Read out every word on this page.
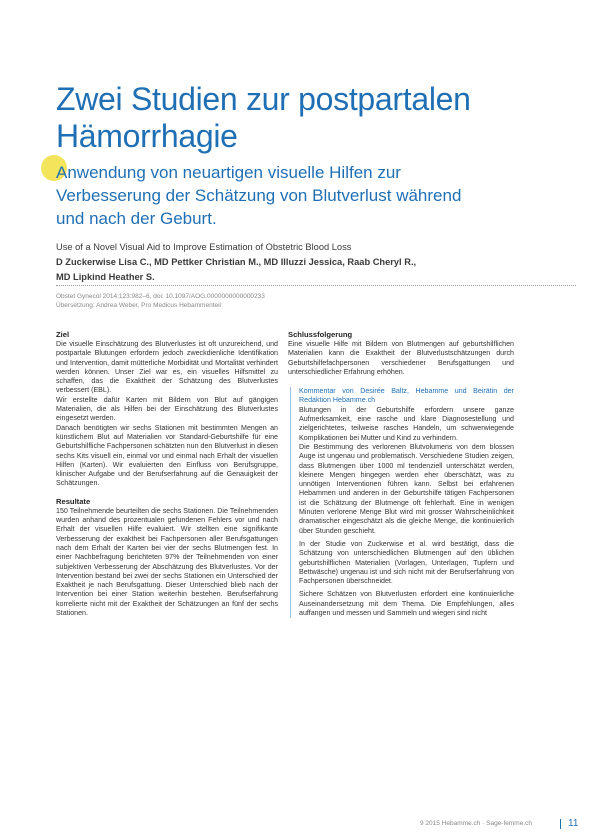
Zwei Studien zur postpartalen
Hämorrhagie
Anwendung von neuartigen visuelle Hilfen zur
Verbesserung der Schätzung von Blutverlust während
und nach der Geburt.
Use of a Novel Visual Aid to Improve Estimation of Obstetric Blood Loss
D Zuckerwise Lisa C., MD Pettker Christian M., MD Illuzzi Jessica, Raab Cheryl R.,
MD Lipkind Heather S.
Obstet Gynecol 2014;123:982–6, doi: 10.1097/AOG.0000000000000233
Übersetzung: Andrea Weber, Pro Medicus Hebammenteil
Ziel

Die visuelle Einschätzung des Blutverlustes ist oft unzureichend, und postpartale Blutungen erfordern jedoch zweckdienliche Identifikation und Intervention, damit mütterliche Morbidität und Mortalität verhindert werden können. Unser Ziel war es, ein visuelles Hilfsmittel zu schaffen, das die Exaktheit der Schätzung des Blutverlustes verbessert (EBL).

Wir erstellte dafür Karten mit Bildern von Blut auf gängigen Materialien, die als Hilfen bei der Einschätzung des Blutverlustes eingesetzt werden.

Danach benötigten wir sechs Stationen mit bestimmten Mengen an künstlichem Blut auf Materialien vor Standard-Geburtshilfe für eine Geburtshilfliche Fachpersonen schätzten nun den Blutverlust in diesen sechs Kits visuell ein, einmal vor und einmal nach Erhalt der visuellen Hilfen (Karten). Wir evaluierten den Einfluss von Berufsgruppe, klinischer Aufgabe und der Berufserfahrung auf die Genauigkeit der Schätzungen.

Resultate

150 Teilnehmende beurteilten die sechs Stationen. Die Teilnehmenden wurden anhand des prozentualen gefundenen Fehlers vor und nach Erhalt der visuellen Hilfe evaluiert. Wir stellten eine signifikante Verbesserung der exaktheit bei Fachpersonen aller Berufsgattungen nach dem Erhalt der Karten bei vier der sechs Blutmengen fest. In einer Nachbefragung berichteten 97% der Teilnehmenden von einer subjektiven Verbesserung der Abschätzung des Blutverlustes. Vor der Intervention bestand bei zwei der sechs Stationen ein Unterschied der Exaktheit je nach Berufsgattung. Dieser Unterschied blieb nach der Intervention bei einer Station weiterhin bestehen. Berufserfahrung korrelierte nicht mit der Exaktheit der Schätzungen an fünf der sechs Stationen.

Schlussfolgerung

Eine visuelle Hilfe mit Bildern von Blutmengen auf geburtshilflichen Materialien kann die Exaktheit der Blutverlustschätzungen durch Geburtshilfefachpersonen verschiedener Berufsgattungen und unterschiedlicher Erfahrung erhöhen.

Kommentar von Desirée Baltz, Hebamme und Beirätin der Redaktion Hebamme.ch

Blutungen in der Geburtshilfe erfordern unsere ganze Aufmerksamkeit, eine rasche und klare Diagnosestellung und zielgerichtetes, teilweise rasches Handeln, um schwerwiegende Komplikationen bei Mutter und Kind zu verhindern.

Die Bestimmung des verlorenen Blutvolumens von dem blossen Auge ist ungenau und problematisch. Verschiedene Studien zeigen, dass Blutmengen über 1000 ml tendenziell unterschätzt werden, kleinere Mengen hingegen werden eher überschätzt, was zu unnötigen Interventionen führen kann. Selbst bei erfahrenen Hebammen und anderen in der Geburtshilfe tätigen Fachpersonen ist die Schätzung der Blutmenge oft fehlerhaft. Eine in wenigen Minuten verlorene Menge Blut wird mit grosser Wahrscheinlichkeit dramatischer eingeschätzt als die gleiche Menge, die kontinuierlich über Stunden geschieht.

In der Studie von Zuckerwise et al. wird bestätigt, dass die Schätzung von unterschiedlichen Blutmengen auf den üblichen geburtshilflichen Materialien (Vorlagen, Unterlagen, Tupfern und Bettwäsche) ungenau ist und sich nicht mit der Berufserfahrung von Fachpersonen überschneidet.

Sichere Schätzen von Blutverlusten erfordert eine kontinuierliche Auseinandersetzung mit dem Thema. Die Empfehlungen, alles auffangen und messen und Sammeln und wiegen sind nicht

9 2015 Hebamme.ch · Sage-femme.ch	11
